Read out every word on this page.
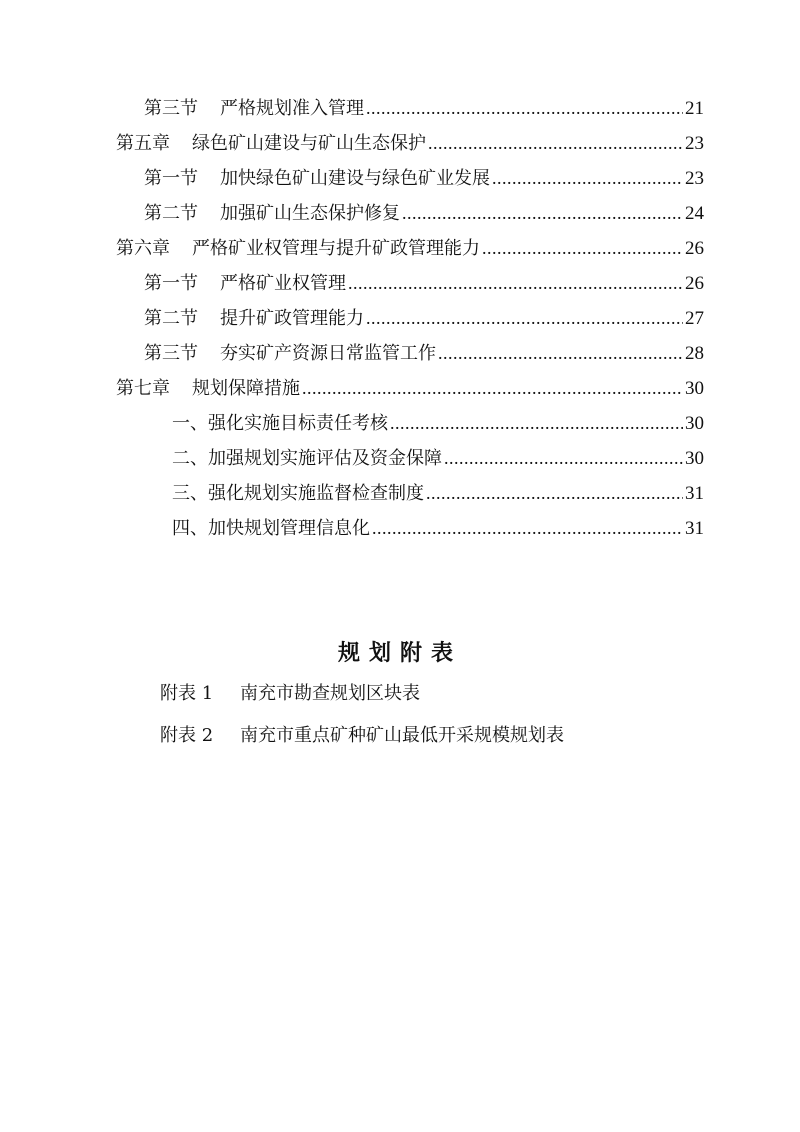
第三节 严格规划准入管理 .....	21
第五章 绿色矿山建设与矿山生态保护 .....	23
第一节 加快绿色矿山建设与绿色矿业发展 .....	23
第二节 加强矿山生态保护修复 .....	24
第六章 严格矿业权管理与提升矿政管理能力 .....	26
第一节 严格矿业权管理 .....	26
第二节 提升矿政管理能力 .....	27
第三节 夯实矿产资源日常监管工作 .....	28
第七章 规划保障措施 .....	30
一、强化实施目标责任考核 .....	30
二、加强规划实施评估及资金保障 .....	30
三、强化规划实施监督检查制度 .....	31
四、加快规划管理信息化 .....	31
规划附表
附表 1 南充市勘查规划区块表
附表 2 南充市重点矿种矿山最低开采规模规划表
